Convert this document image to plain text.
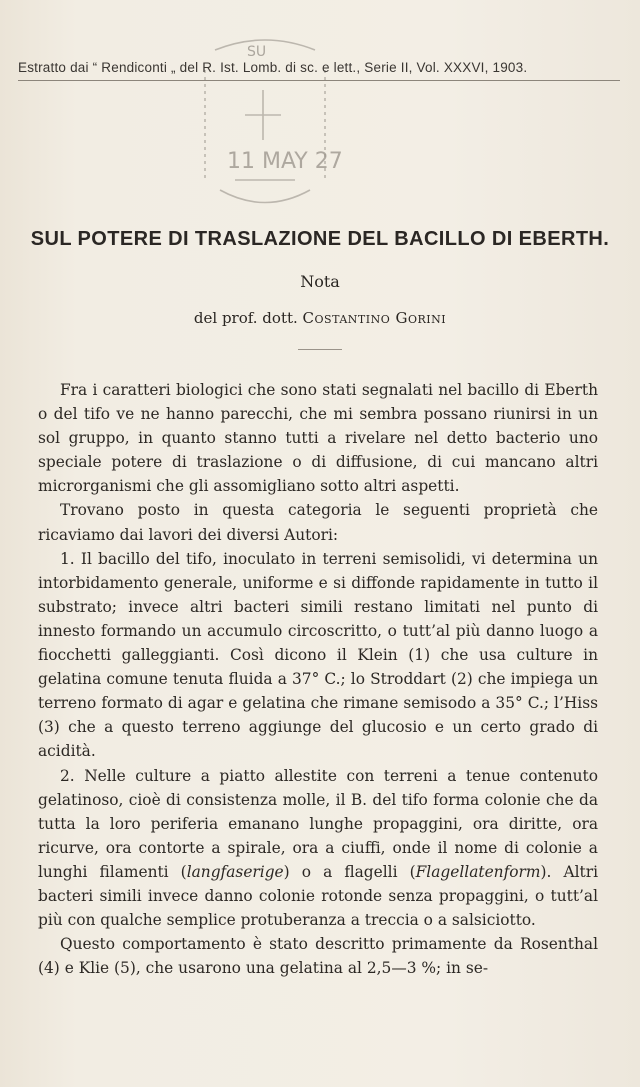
SU
11 MAY 27
Estratto dai “ Rendiconti „ del R. Ist. Lomb. di sc. e lett., Serie II, Vol. XXXVI, 1903.
SUL POTERE DI TRASLAZIONE DEL BACILLO DI EBERTH.
Nota
del prof. dott. Costantino Gorini

Fra i caratteri biologici che sono stati segnalati nel bacillo di Eberth o del tifo ve ne hanno parecchi, che mi sembra possano riunirsi in un sol gruppo, in quanto stanno tutti a rivelare nel detto bacterio uno speciale potere di traslazione o di diffusione, di cui mancano altri microrganismi che gli assomigliano sotto altri aspetti.

Trovano posto in questa categoria le seguenti proprietà che ricaviamo dai lavori dei diversi Autori:

1. Il bacillo del tifo, inoculato in terreni semisolidi, vi determina un intorbidamento generale, uniforme e si diffonde rapidamente in tutto il substrato; invece altri bacteri simili restano limitati nel punto di innesto formando un accumulo circoscritto, o tutt’al più danno luogo a fiocchetti galleggianti. Così dicono il Klein (1) che usa culture in gelatina comune tenuta fluida a 37° C.; lo Stroddart (2) che impiega un terreno formato di agar e gelatina che rimane semisodo a 35° C.; l’Hiss (3) che a questo terreno aggiunge del glucosio e un certo grado di acidità.

2. Nelle culture a piatto allestite con terreni a tenue contenuto gelatinoso, cioè di consistenza molle, il B. del tifo forma colonie che da tutta la loro periferia emanano lunghe propaggini, ora diritte, ora ricurve, ora contorte a spirale, ora a ciuffi, onde il nome di colonie a lunghi filamenti (langfaserige) o a flagelli (Flagellatenform). Altri bacteri simili invece danno colonie rotonde senza propaggini, o tutt’al più con qualche semplice protuberanza a treccia o a salsiciotto.

Questo comportamento è stato descritto primamente da Rosenthal (4) e Klie (5), che usarono una gelatina al 2,5—3 %; in se-
